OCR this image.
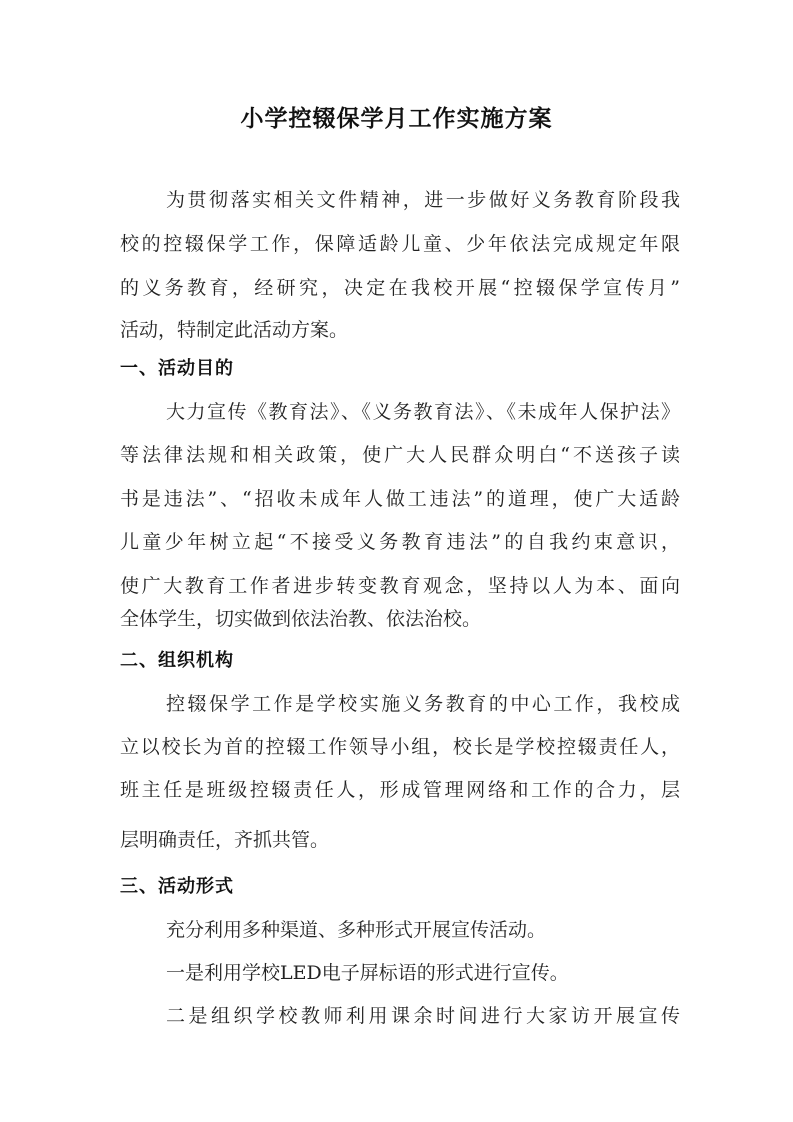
小学控辍保学月工作实施方案
为贯彻落实相关文件精神，进一步做好义务教育阶段我
校的控辍保学工作，保障适龄儿童、少年依法完成规定年限
的义务教育，经研究，决定在我校开展“控辍保学宣传月”
活动，特制定此活动方案。
一、活动目的
大力宣传《教育法》、《义务教育法》、《未成年人保护法》
等法律法规和相关政策，使广大人民群众明白“不送孩子读
书是违法”、“招收未成年人做工违法”的道理，使广大适龄
儿童少年树立起“不接受义务教育违法”的自我约束意识，
使广大教育工作者进步转变教育观念，坚持以人为本、面向
全体学生，切实做到依法治教、依法治校。
二、组织机构
控辍保学工作是学校实施义务教育的中心工作，我校成
立以校长为首的控辍工作领导小组，校长是学校控辍责任人，
班主任是班级控辍责任人，形成管理网络和工作的合力，层
层明确责任，齐抓共管。
三、活动形式
充分利用多种渠道、多种形式开展宣传活动。
一是利用学校LED电子屏标语的形式进行宣传。
二是组织学校教师利用课余时间进行大家访开展宣传
